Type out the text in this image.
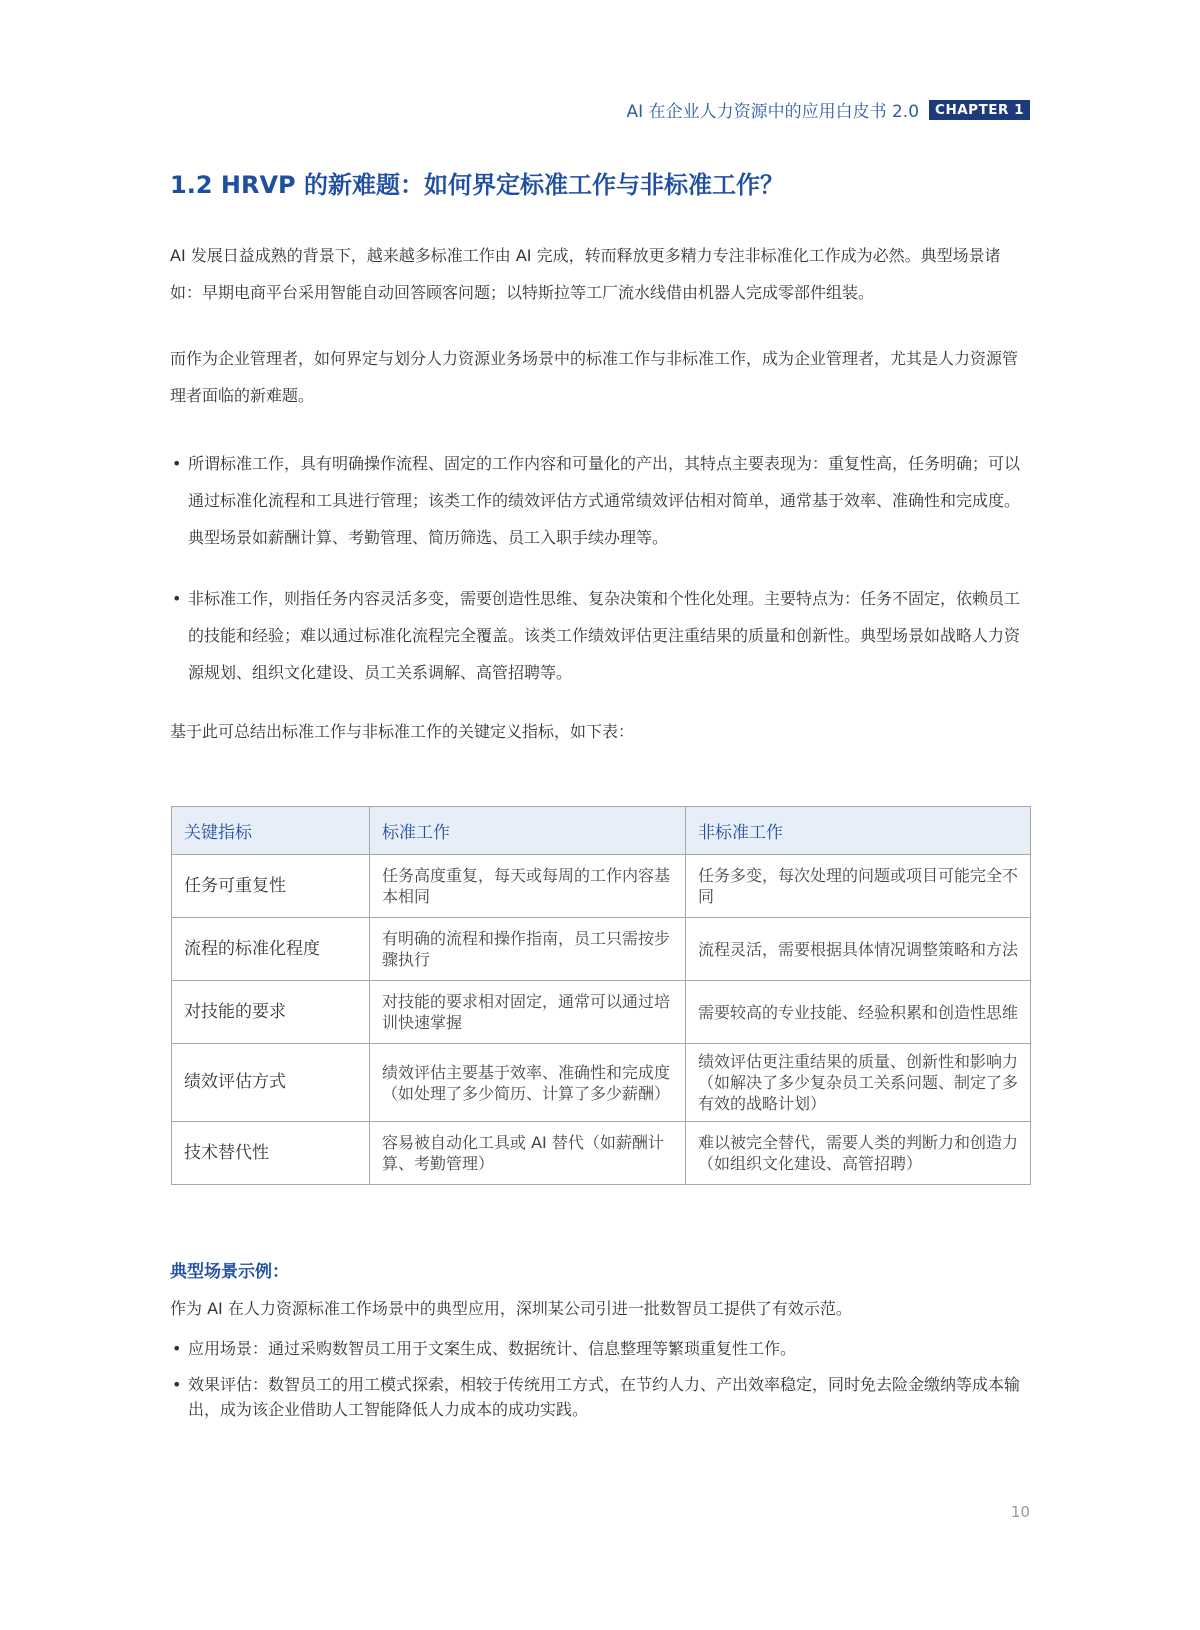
AI 在企业人力资源中的应用白皮书 2.0	CHAPTER 1
1.2 HRVP 的新难题：如何界定标准工作与非标准工作？

AI 发展日益成熟的背景下，越来越多标准工作由 AI 完成，转而释放更多精力专注非标准化工作成为必然。典型场景诸如：早期电商平台采用智能自动回答顾客问题；以特斯拉等工厂流水线借由机器人完成零部件组装。

而作为企业管理者，如何界定与划分人力资源业务场景中的标准工作与非标准工作，成为企业管理者，尤其是人力资源管理者面临的新难题。

• 所谓标准工作，具有明确操作流程、固定的工作内容和可量化的产出，其特点主要表现为：重复性高，任务明确；可以通过标准化流程和工具进行管理；该类工作的绩效评估方式通常绩效评估相对简单，通常基于效率、准确性和完成度。典型场景如薪酬计算、考勤管理、简历筛选、员工入职手续办理等。

• 非标准工作，则指任务内容灵活多变，需要创造性思维、复杂决策和个性化处理。主要特点为：任务不固定，依赖员工的技能和经验；难以通过标准化流程完全覆盖。该类工作绩效评估更注重结果的质量和创新性。典型场景如战略人力资源规划、组织文化建设、员工关系调解、高管招聘等。

基于此可总结出标准工作与非标准工作的关键定义指标，如下表：

关键指标	标准工作	非标准工作
任务可重复性	任务高度重复，每天或每周的工作内容基本相同	任务多变，每次处理的问题或项目可能完全不同
流程的标准化程度	有明确的流程和操作指南，员工只需按步骤执行	流程灵活，需要根据具体情况调整策略和方法
对技能的要求	对技能的要求相对固定，通常可以通过培训快速掌握	需要较高的专业技能、经验积累和创造性思维
绩效评估方式	绩效评估主要基于效率、准确性和完成度（如处理了多少简历、计算了多少薪酬）	绩效评估更注重结果的质量、创新性和影响力（如解决了多少复杂员工关系问题、制定了多有效的战略计划）
技术替代性	容易被自动化工具或 AI 替代（如薪酬计算、考勤管理）	难以被完全替代，需要人类的判断力和创造力（如组织文化建设、高管招聘）
典型场景示例：

作为 AI 在人力资源标准工作场景中的典型应用，深圳某公司引进一批数智员工提供了有效示范。

• 应用场景：通过采购数智员工用于文案生成、数据统计、信息整理等繁琐重复性工作。

• 效果评估：数智员工的用工模式探索，相较于传统用工方式，在节约人力、产出效率稳定，同时免去险金缴纳等成本输出，成为该企业借助人工智能降低人力成本的成功实践。

10
